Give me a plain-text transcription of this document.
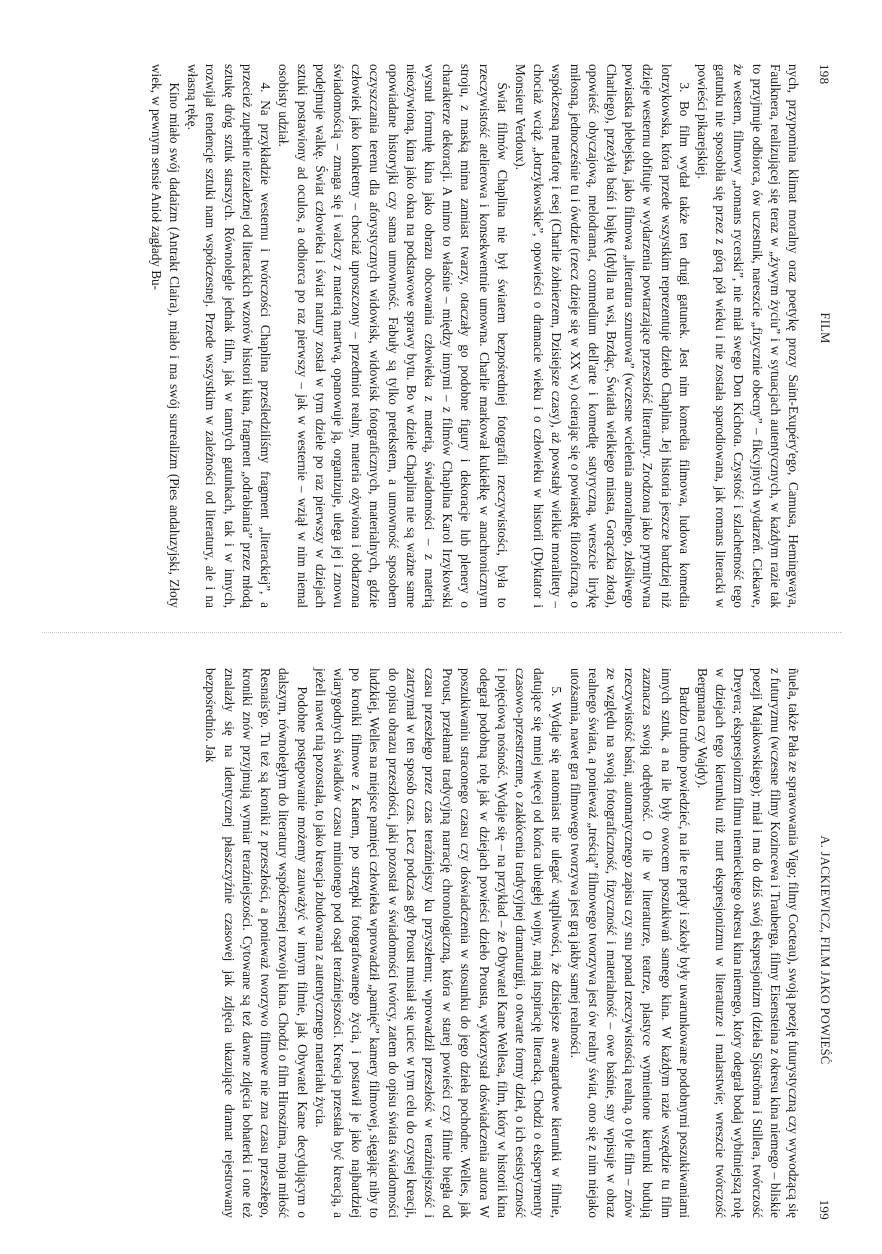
198
FILM

nych, przypomina klimat moralny oraz poetykę prozy Saint-Exupéry'ego, Camusa, Hemingwaya, Faulknera, realizującej się teraz w „żywym życiu” i w sytuacjach autentycznych, w każdym razie tak to przyjmuje odbiorca, ów uczestnik, nareszcie „fizycznie obecny” – fikcyjnych wydarzeń. Ciekawe, że western, filmowy „romans rycerski”, nie miał swego Don Kichota. Czystość i szlachetność tego gatunku nie sposobiła się przez z górą pół wieku i nie została sparodiowana, jak romans literacki w powieści pikarejskiej.

3. Bo film wydał także ten drugi gatunek. Jest nim komedia filmowa, ludowa komedia lotrzykowska, która przede wszystkim reprezentuje dzieło Chaplina. Jej historia jeszcze bardziej niż dzieje westernu obfituje w wydarzenia powtarzające przeszłość literatury. Zrodzona jako prymitywna powiastka plebejska, jako filmowa „literatura sznurowa” (wczesne wcielenia amoralnego, złośliwego Charliego), przeżyła baśń i bajkę (Idylla na wsi, Brzdąc, Światła wielkiego miasta, Gorączka złota), opowieść obyczajową, melodramat, commedium dell'arte i komedię satyryczną, wreszcie lirykę miłosną, jednocześnie tu i ówdzie (rzecz dzieje się w XX w.) ocierając się o powiastkę filozoficzną, o współczesną metaforę i esej (Charlie żołnierzem, Dzisiejsze czasy), aż powstały wielkie moralitety – chociaż wciąż „łotrzykowskie”, opowieści o dramacie wieku i o człowieku w historii (Dyktator i Monsieur Verdoux).

Świat filmów Chaplina nie był światem bezpośredniej fotografii rzeczywistości, była to rzeczywistość atelierowa i konsekwentnie umowna. Charlie markował kukiełkę w anachronicznym stroju, z maską mima zamiast twarzy, otaczały go podobne figury i dekoracje lub plenery o charakterze dekoracji. A mimo to właśnie – między innymi – z filmów Chaplina Karol Irzykowski wysnuł formułę kina jako obrazu obcowania człowieka z materią, świadomości – z materią nieożywioną, kina jako okna na podstawowe sprawy bytu. Bo w dziele Chaplina nie są ważne same opowiadane historyjki czy sama umowność. Fabuły są tylko pretekstem, a umowność sposobem oczyszczania terenu dla aforystycznych widowisk, widowisk fotograficznych, materialnych, gdzie człowiek jako konkretny – chociaż uproszczony – przedmiot realny, materia ożywiona i obdarzona świadomością – zmaga się i walczy z materią martwą, opanowuje ją, organizuje, ulega jej i znowu podejmuje walkę. Świat człowieka i świat natury został w tym dziele po raz pierwszy w dziejach sztuki postawiony ad oculos, a odbiorca po raz pierwszy – jak w westernie – wziął w nim niemal osobisty udział.

4. Na przykładzie westernu i twórczości Chaplina prześledziliśmy fragment „literackiej”, a przecież zupełnie niezależnej od literackich wzorów historii kina, fragment „odrabiania” przez młodą sztukę dróg sztuk starszych. Równolegle jednak film, jak w tamtych gatunkach, tak i w innych, rozwijał tendencje sztuki nam współczesnej. Przede wszystkim w zależności od literatury, ale i na własną rękę.

Kino miało swój dadaizm (Antrakt Claira), miało i ma swój surrealizm (Pies andaluzyjski, Złoty wiek, w pewnym sensie Anioł zagłady Bu-

A. JACKIEWICZ, FILM JAKO POWIEŚĆ
199

ñuela, także Pała ze sprawowania Vigo; filmy Cocteau), swoją poezję futurystyczną czy wywodzącą się z futuryzmu (wczesne filmy Kozincewa i Trauberga, filmy Eisensteina z okresu kina niemego – bliskie poezji Majakowskiego); miał i ma do dziś swój ekspresjonizm (dzieła Sjöströma i Stillera, twórczość Dreyera; ekspresjonizm filmu niemieckiego okresu kina niemego, który odegrał bodaj wybitniejszą rolę w dziejach tego kierunku niż nurt ekspresjonizmu w literaturze i malarstwie; wreszcie twórczość Bergmana czy Wajdy).

Bardzo trudno powiedzieć, na ile te prądy i szkoły były uwarunkowane podobnymi poszukiwaniami innych sztuk, a na ile były owocem poszukiwań samego kina. W każdym razie wszędzie tu film zaznacza swoją odrębność. O ile w literaturze, teatrze, plastyce wymienione kierunki budują rzeczywistość baśni, automatycznego zapisu czy snu ponad rzeczywistością realną, o tyle film – znów ze względu na swoją fotograficzność, fizyczność i materialność – owe baśnie, sny wpisuje w obraz realnego świata, a ponieważ „treścią” filmowego tworzywa jest ów realny świat, ono się z nim niejako utożsamia, nawet gra filmowego tworzywa jest grą jakby samej realności.

5. Wydaje się natomiast nie ulegać wątpliwości, że dzisiejsze awangardowe kierunki w filmie, datujące się mniej więcej od końca ubiegłej wojny, mają inspirację literacką. Chodzi o eksperymenty czasowo-przestrzenne, o zakłócenia tradycyjnej dramaturgii, o otwarte formy dzieł, o ich eseistyczność i pojęciową nośność. Wydaje się – na przykład – że Obywatel Kane Wellesa, film, który w historii kina odegrał podobną rolę jak w dziejach powieści dzieło Prousta, wykorzystał doświadczenia autora W poszukiwaniu straconego czasu czy doświadczenia w stosunku do jego dzieła pochodne. Welles, jak Proust, przełamał tradycyjną narrację chronologiczną, która w starej powieści czy filmie biegła od czasu przeszłego przez czas teraźniejszy ku przyszłemu; wprowadził przeszłość w teraźniejszość i zatrzymał w ten sposób czas. Lecz podczas gdy Proust musiał się uciec w tym celu do czystej kreacji, do opisu obrazu przeszłości, jaki pozostał w świadomości twórcy, zatem do opisu świata świadomości ludzkiej, Welles na miejsce pamięci człowieka wprowadził „pamięć” kamery filmowej, sięgając niby to po kroniki filmowe z Kanem, po strzępki fotografowanego życia, i postawił je jako najbardziej wiarygodnych świadków czasu minionego pod osąd teraźniejszości. Kreacja przestała być kreacją, a jeżeli nawet nią pozostała, to jako kreacja zbudowana z autentycznego materiału życia.

Podobne postępowanie możemy zauważyć w innym filmie, jak Obywatel Kane decydującym o dalszym, równoległym do literatury współczesnej rozwoju kina. Chodzi o film Hiroszima, moja miłość Resnais'go. Tu też są kroniki z przeszłości, a ponieważ tworzywo filmowe nie zna czasu przeszłego, kroniki znów przyjmują wymiar teraźniejszości. Cytowane są też dawne zdjęcia bohaterki i one też znalazły się na identycznej płaszczyźnie czasowej jak zdjęcia ukazujące dramat rejestrowany bezpośrednio. Jak
